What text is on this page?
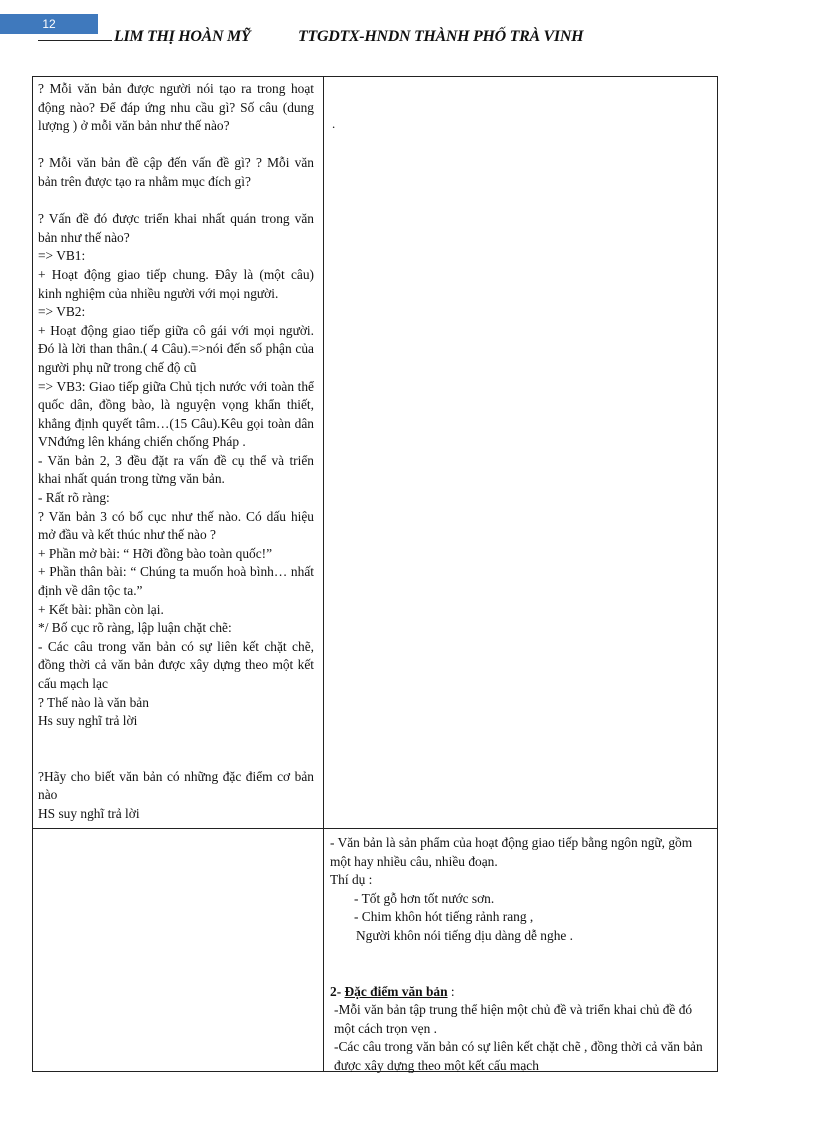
12
LIM THỊ HOÀN MỸ	TTGDTX-HNDN THÀNH PHỐ TRÀ VINH

? Mỗi văn bản được người nói tạo ra trong hoạt động nào? Để đáp ứng nhu cầu gì? Số câu (dung lượng ) ở mỗi văn bản như thế nào?

? Mỗi văn bản đề cập đến vấn đề gì? ? Mỗi văn bản trên được tạo ra nhằm mục đích gì?

? Vấn đề đó được triển khai nhất quán trong văn bản như thế nào?

=> VB1:

+ Hoạt động giao tiếp chung. Đây là (một câu) kinh nghiệm của nhiều người với mọi người.

=> VB2:

+ Hoạt động giao tiếp giữa cô gái với mọi người. Đó là lời than thân.( 4 Câu).=>nói đến số phận của người phụ nữ trong chế độ cũ

=> VB3: Giao tiếp giữa Chủ tịch nước với toàn thể quốc dân, đồng bào, là nguyện vọng khẩn thiết, khẳng định quyết tâm…(15 Câu).Kêu gọi toàn dân VNđứng lên kháng chiến chống Pháp .

- Văn bản 2, 3 đều đặt ra vấn đề cụ thể và triển khai nhất quán trong từng văn bản.

- Rất rõ ràng:

? Văn bản 3 có bố cục như thế nào. Có dấu hiệu mở đầu và kết thúc như thế nào ?

+ Phần mở bài: “ Hỡi đồng bào toàn quốc!”

+ Phần thân bài: “ Chúng ta muốn hoà bình… nhất định về dân tộc ta.”

+ Kết bài: phần còn lại.

*/ Bố cục rõ ràng, lập luận chặt chẽ:

- Các câu trong văn bản có sự liên kết chặt chẽ, đồng thời cả văn bản được xây dựng theo một kết cấu mạch lạc

? Thế nào là văn bản

Hs suy nghĩ trả lời

?Hãy cho biết văn bản có những đặc điểm cơ bản nào

HS suy nghĩ trả lời

.

- Văn bản là sản phẩm của hoạt động giao tiếp bằng ngôn ngữ, gồm một hay nhiều câu, nhiều đoạn.

Thí dụ :

- Tốt gỗ hơn tốt nước sơn.

- Chim khôn hót tiếng rảnh rang ,

Người khôn nói tiếng dịu dàng dễ nghe .

2- Đặc điểm văn bản :

-Mỗi văn bản tập trung thể hiện một chủ đề và triển khai chủ đề đó một cách trọn vẹn .

-Các câu trong văn bản có sự liên kết chặt chẽ , đồng thời cả văn bản được xây dựng theo một kết cấu mạch
